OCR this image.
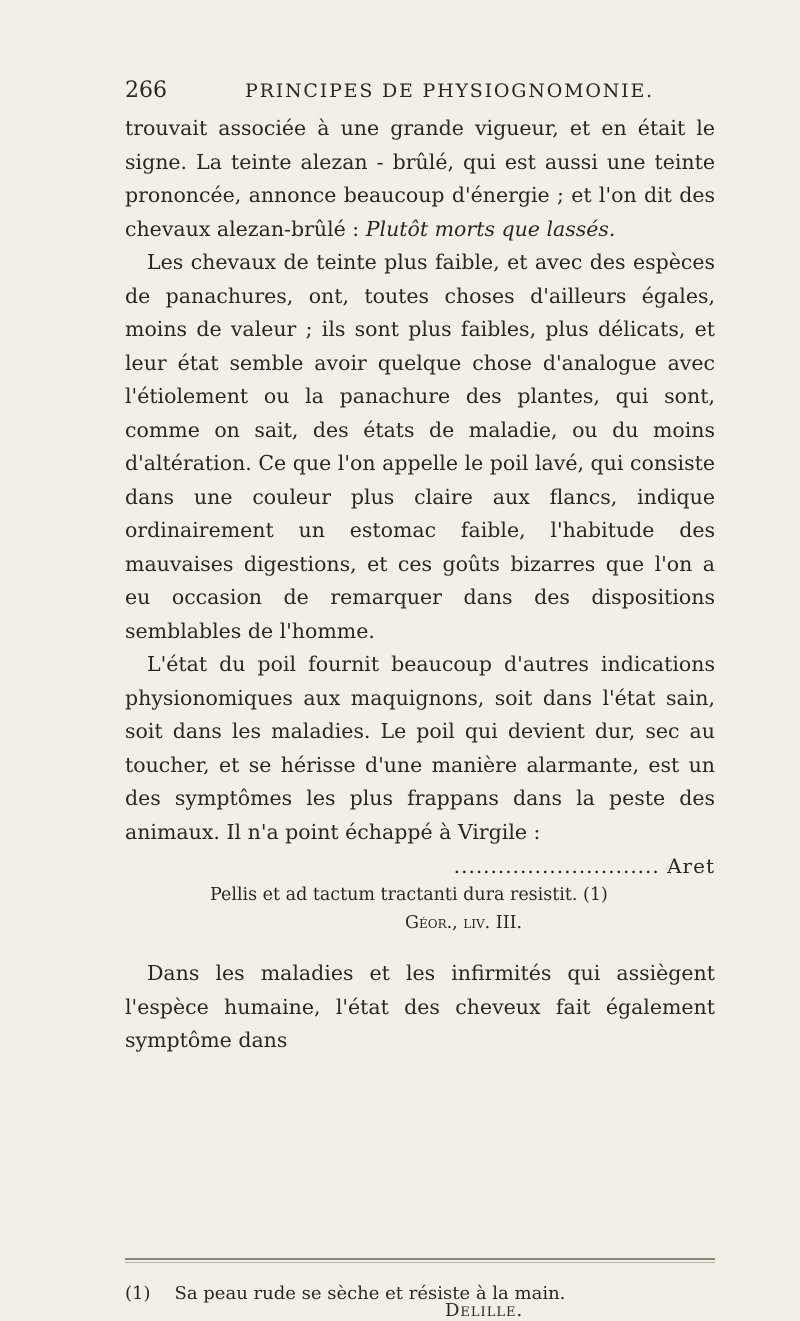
266	PRINCIPES DE PHYSIOGNOMONIE.

trouvait associée à une grande vigueur, et en était le signe. La teinte alezan - brûlé, qui est aussi une teinte prononcée, annonce beaucoup d'énergie ; et l'on dit des chevaux alezan-brûlé : Plutôt morts que lassés.

Les chevaux de teinte plus faible, et avec des espèces de panachures, ont, toutes choses d'ailleurs égales, moins de valeur ; ils sont plus faibles, plus délicats, et leur état semble avoir quelque chose d'analogue avec l'étiolement ou la panachure des plantes, qui sont, comme on sait, des états de maladie, ou du moins d'altération. Ce que l'on appelle le poil lavé, qui consiste dans une couleur plus claire aux flancs, indique ordinairement un estomac faible, l'habitude des mauvaises digestions, et ces goûts bizarres que l'on a eu occasion de remarquer dans des dispositions semblables de l'homme.

L'état du poil fournit beaucoup d'autres indications physionomiques aux maquignons, soit dans l'état sain, soit dans les maladies. Le poil qui devient dur, sec au toucher, et se hérisse d'une manière alarmante, est un des symptômes les plus frappans dans la peste des animaux. Il n'a point échappé à Virgile :

............................ Aret

Pellis et ad tactum tractanti dura resistit. (1)

Géor., liv. III.

Dans les maladies et les infirmités qui assiègent l'espèce humaine, l'état des cheveux fait également symptôme dans

(1) Sa peau rude se sèche et résiste à la main.
Delille.
